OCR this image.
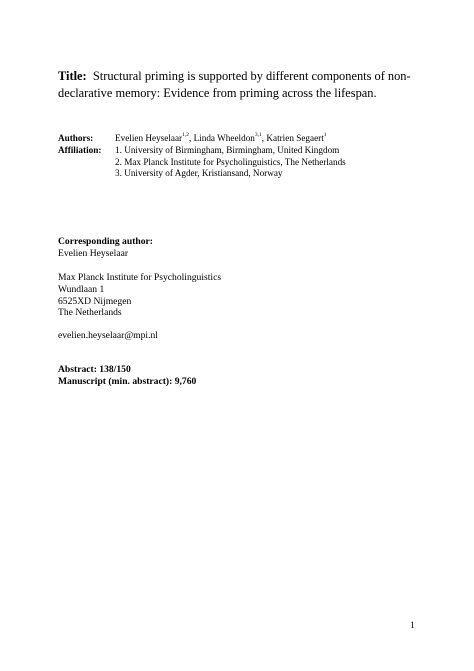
Title: Structural priming is supported by different components of non-declarative memory: Evidence from priming across the lifespan.
Authors: Evelien Heyselaar$^{1,2}$, Linda Wheeldon$^{3,1}$, Katrien Segaert$^1$
Affiliation: 1. University of Birmingham, Birmingham, United Kingdom
2. Max Planck Institute for Psycholinguistics, The Netherlands
3. University of Agder, Kristiansand, Norway
Corresponding author:
Evelien Heyselaar
Max Planck Institute for Psycholinguistics
Wundlaan 1
6525XD Nijmegen
The Netherlands
evelien.heyselaar@mpi.nl
Abstract: 138/150
Manuscript (min. abstract): 9,760
1
